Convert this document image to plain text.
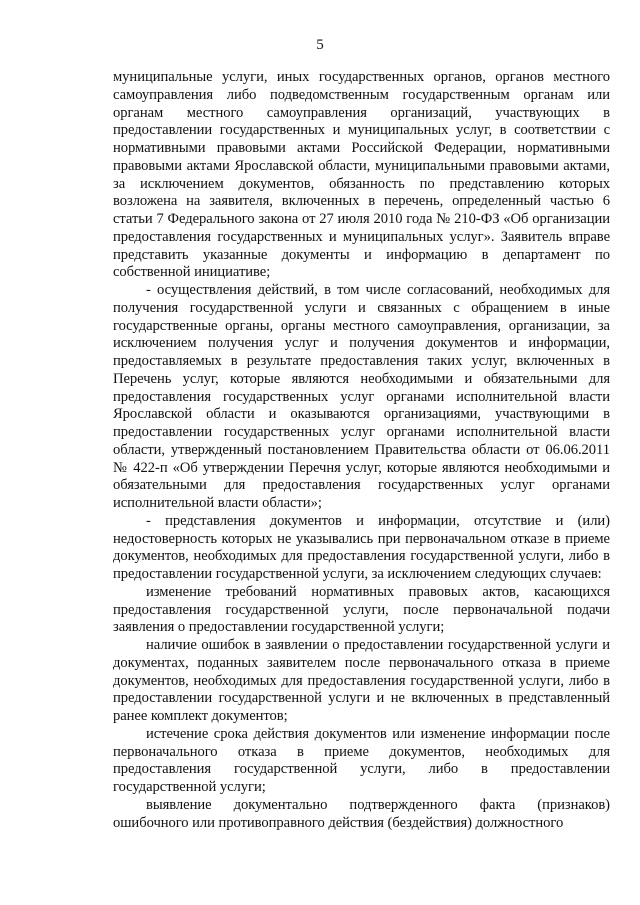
5

муниципальные услуги, иных государственных органов, органов местного самоуправления либо подведомственным государственным органам или органам местного самоуправления организаций, участвующих в предоставлении государственных и муниципальных услуг, в соответствии с нормативными правовыми актами Российской Федерации, нормативными правовыми актами Ярославской области, муниципальными правовыми актами, за исключением документов, обязанность по представлению которых возложена на заявителя, включенных в перечень, определенный частью 6 статьи 7 Федерального закона от 27 июля 2010 года № 210-ФЗ «Об организации предоставления государственных и муниципальных услуг». Заявитель вправе представить указанные документы и информацию в департамент по собственной инициативе;

- осуществления действий, в том числе согласований, необходимых для получения государственной услуги и связанных с обращением в иные государственные органы, органы местного самоуправления, организации, за исключением получения услуг и получения документов и информации, предоставляемых в результате предоставления таких услуг, включенных в Перечень услуг, которые являются необходимыми и обязательными для предоставления государственных услуг органами исполнительной власти Ярославской области и оказываются организациями, участвующими в предоставлении государственных услуг органами исполнительной власти области, утвержденный постановлением Правительства области от 06.06.2011 № 422-п «Об утверждении Перечня услуг, которые являются необходимыми и обязательными для предоставления государственных услуг органами исполнительной власти области»;

- представления документов и информации, отсутствие и (или) недостоверность которых не указывались при первоначальном отказе в приеме документов, необходимых для предоставления государственной услуги, либо в предоставлении государственной услуги, за исключением следующих случаев:

изменение требований нормативных правовых актов, касающихся предоставления государственной услуги, после первоначальной подачи заявления о предоставлении государственной услуги;

наличие ошибок в заявлении о предоставлении государственной услуги и документах, поданных заявителем после первоначального отказа в приеме документов, необходимых для предоставления государственной услуги, либо в предоставлении государственной услуги и не включенных в представленный ранее комплект документов;

истечение срока действия документов или изменение информации после первоначального отказа в приеме документов, необходимых для предоставления государственной услуги, либо в предоставлении государственной услуги;

выявление документально подтвержденного факта (признаков) ошибочного или противоправного действия (бездействия) должностного
